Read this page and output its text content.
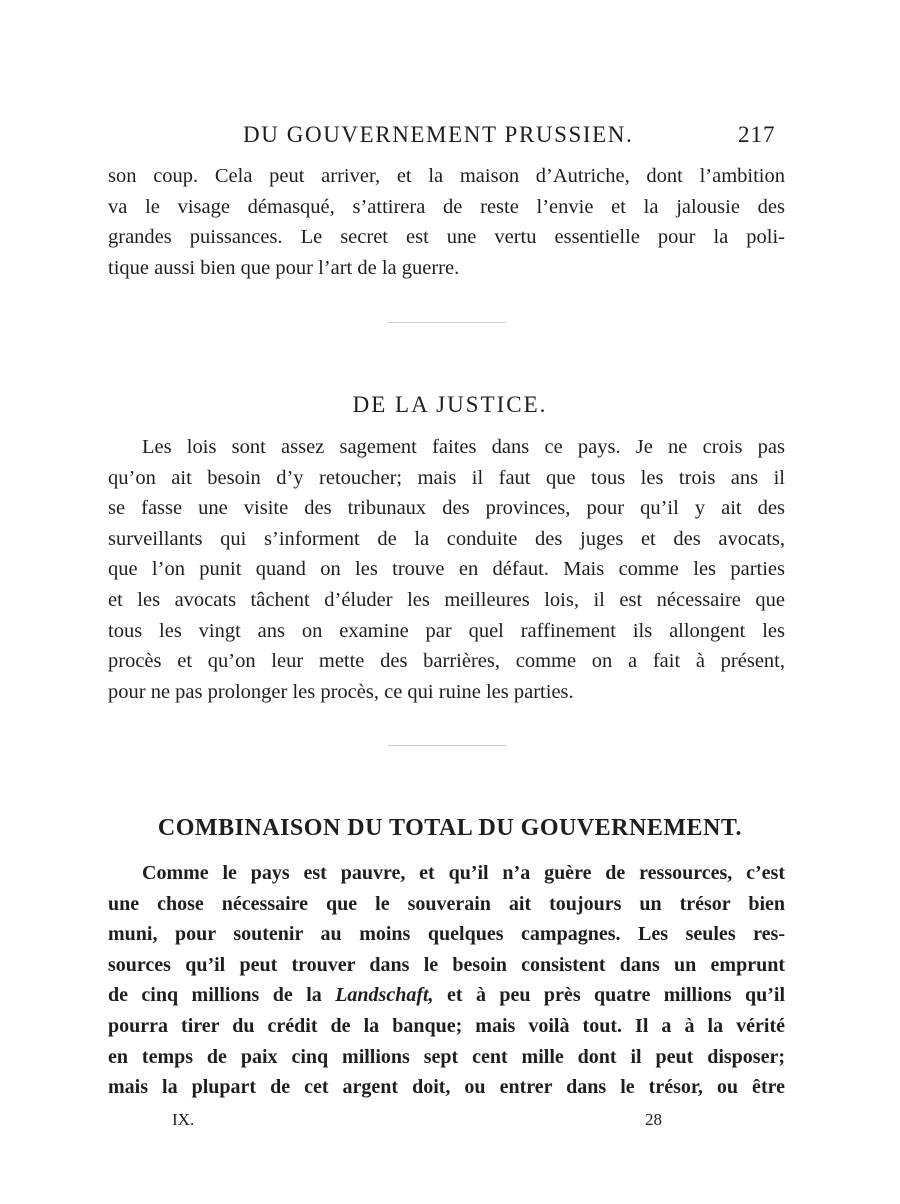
DU GOUVERNEMENT PRUSSIEN.	217
son coup. Cela peut arriver, et la maison d’Autriche, dont l’ambition
va le visage démasqué, s’attirera de reste l’envie et la jalousie des
grandes puissances. Le secret est une vertu essentielle pour la poli-
tique aussi bien que pour l’art de la guerre.
DE LA JUSTICE.
Les lois sont assez sagement faites dans ce pays. Je ne crois pas
qu’on ait besoin d’y retoucher; mais il faut que tous les trois ans il
se fasse une visite des tribunaux des provinces, pour qu’il y ait des
surveillants qui s’informent de la conduite des juges et des avocats,
que l’on punit quand on les trouve en défaut. Mais comme les parties
et les avocats tâchent d’éluder les meilleures lois, il est nécessaire que
tous les vingt ans on examine par quel raffinement ils allongent les
procès et qu’on leur mette des barrières, comme on a fait à présent,
pour ne pas prolonger les procès, ce qui ruine les parties.
COMBINAISON DU TOTAL DU GOUVERNEMENT.
Comme le pays est pauvre, et qu’il n’a guère de ressources, c’est
une chose nécessaire que le souverain ait toujours un trésor bien
muni, pour soutenir au moins quelques campagnes. Les seules res-
sources qu’il peut trouver dans le besoin consistent dans un emprunt
de cinq millions de la Landschaft, et à peu près quatre millions qu’il
pourra tirer du crédit de la banque; mais voilà tout. Il a à la vérité
en temps de paix cinq millions sept cent mille dont il peut disposer;
mais la plupart de cet argent doit, ou entrer dans le trésor, ou être
IX.	28
